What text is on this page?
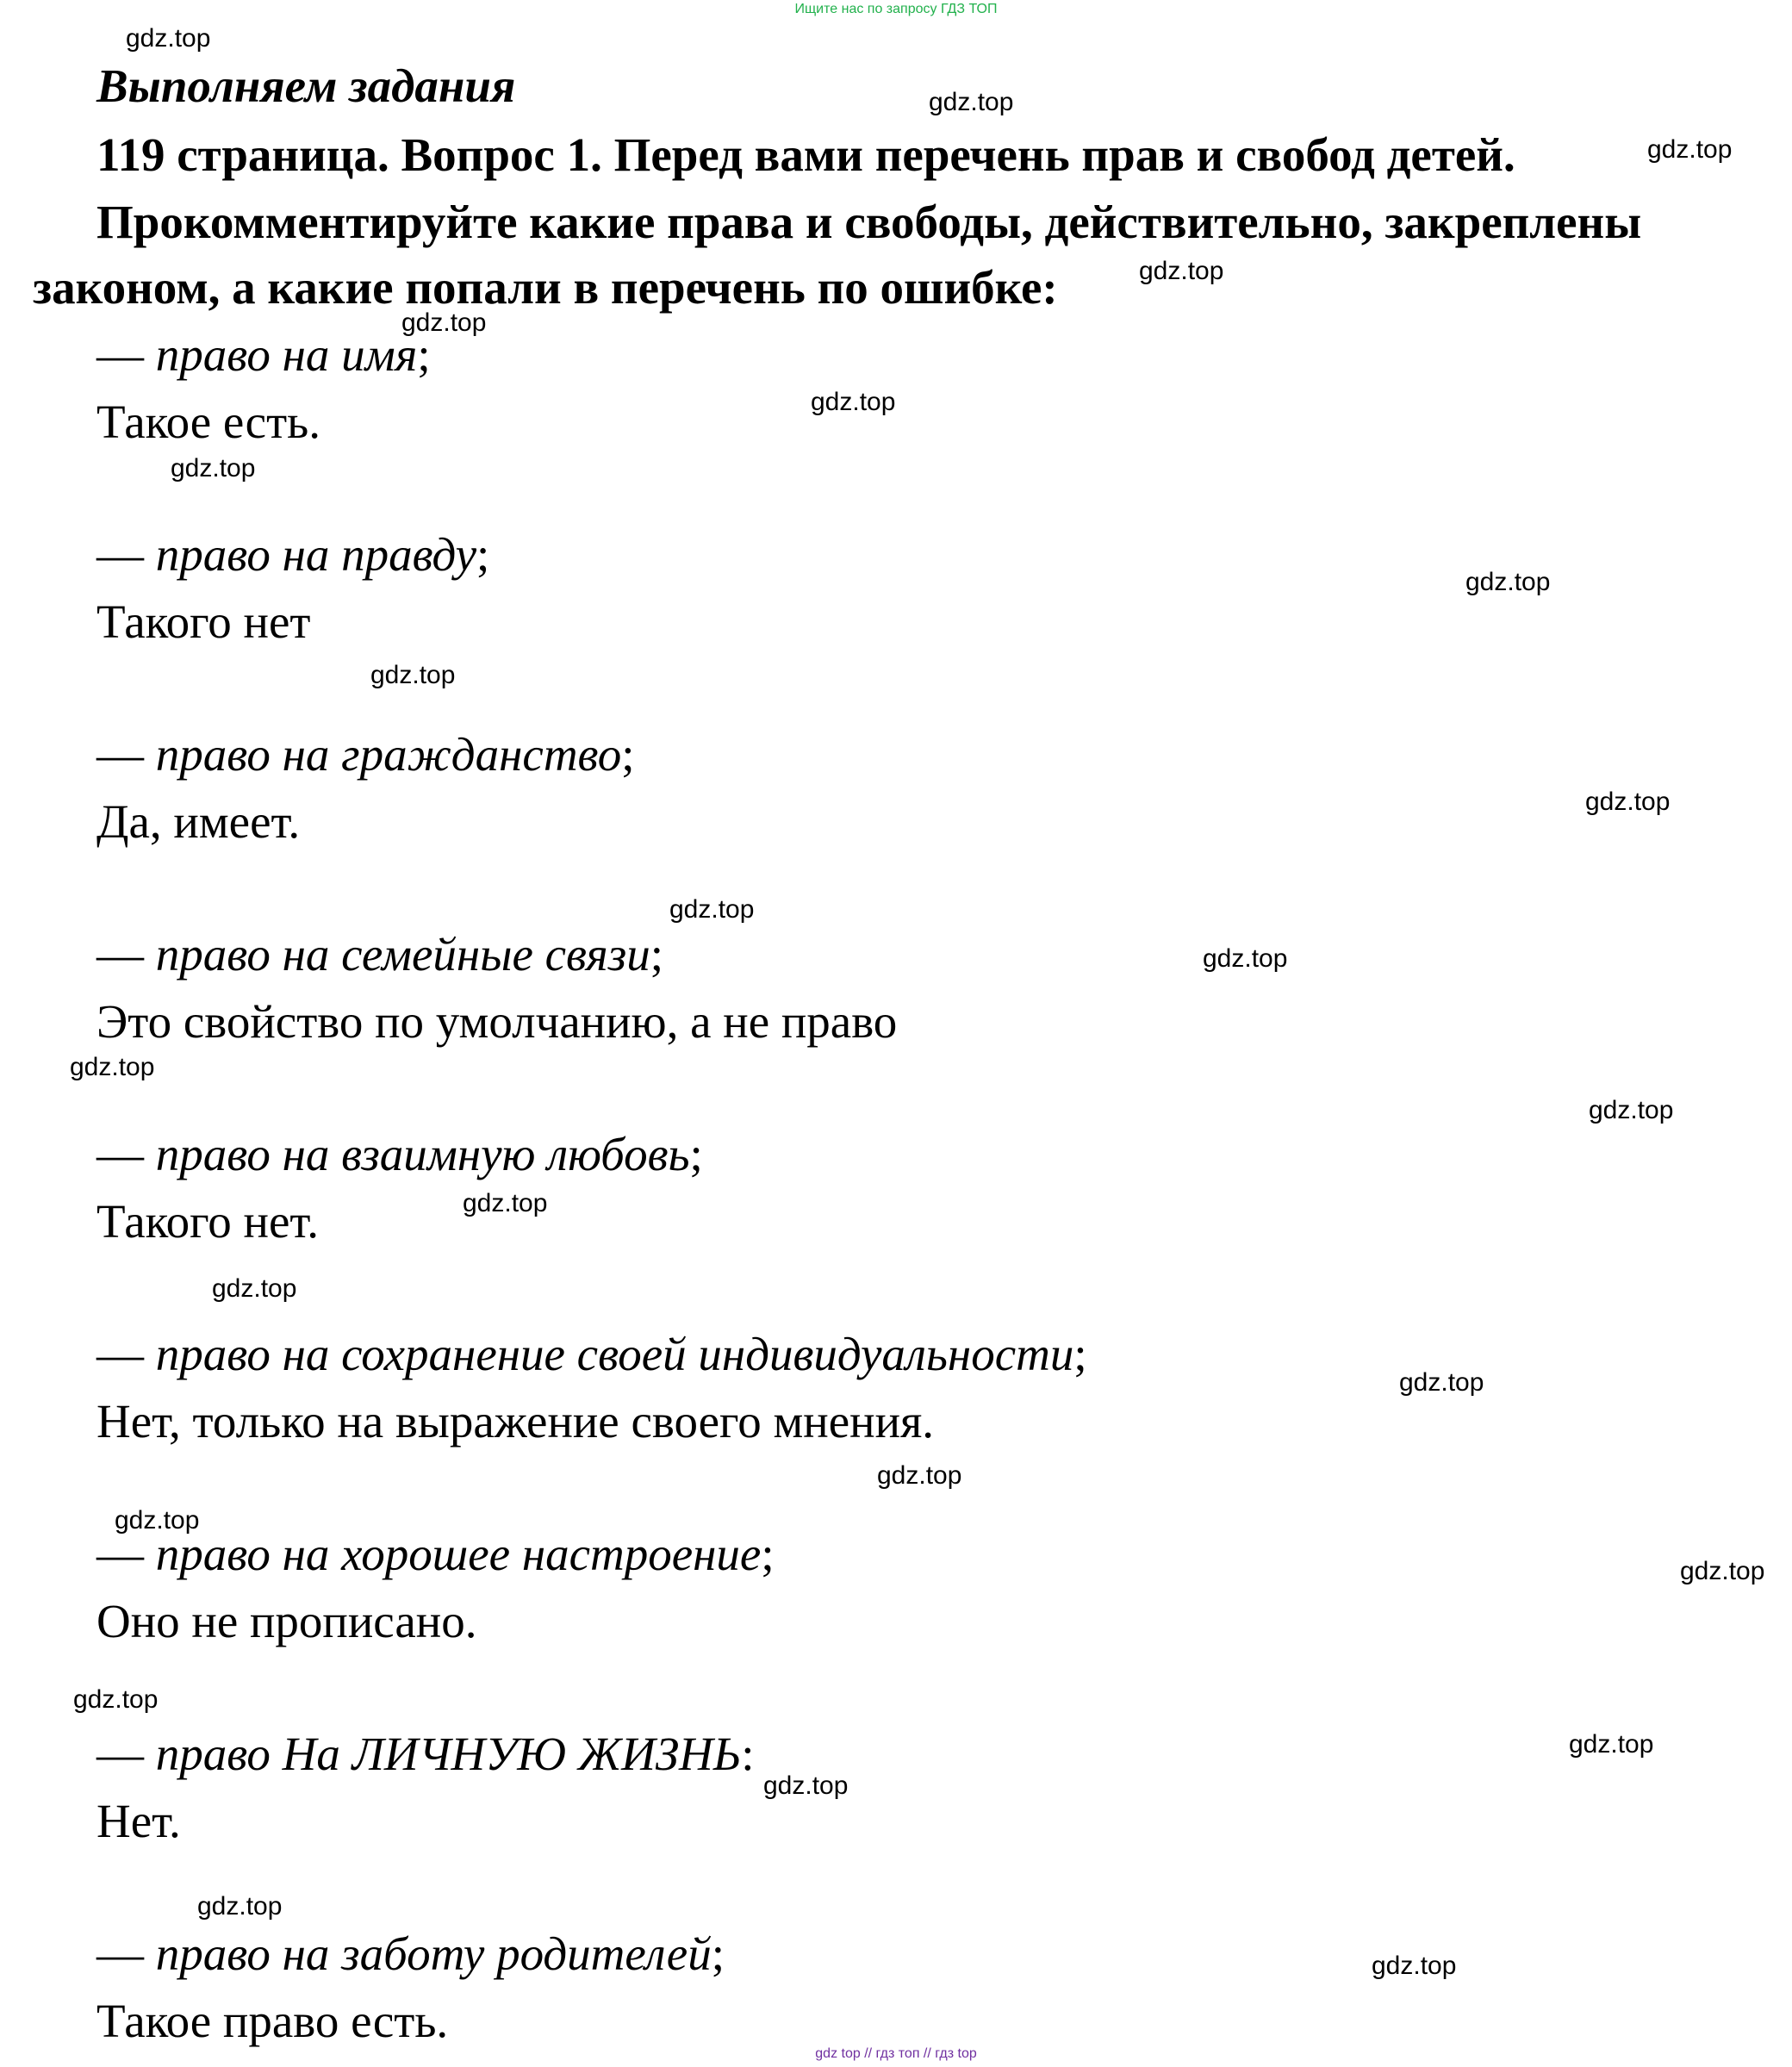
Ищите нас по запросу ГДЗ ТОП
Выполняем задания
119 страница. Вопрос 1. Перед вами перечень прав и свобод детей.
Прокомментируйте какие права и свободы, действительно, закреплены
законом, а какие попали в перечень по ошибке:
— право на имя;
Такое есть.
— право на правду;
Такого нет
— право на гражданство;
Да, имеет.
— право на семейные связи;
Это свойство по умолчанию, а не право
— право на взаимную любовь;
Такого нет.
— право на сохранение своей индивидуальности;
Нет, только на выражение своего мнения.
— право на хорошее настроение;
Оно не прописано.
— право На ЛИЧНУЮ ЖИЗНЬ:
Нет.
— право на заботу родителей;
Такое право есть.
gdz.top
gdz.top
gdz.top
gdz.top
gdz.top
gdz.top
gdz.top
gdz.top
gdz.top
gdz.top
gdz.top
gdz.top
gdz.top
gdz.top
gdz.top
gdz.top
gdz.top
gdz.top
gdz.top
gdz.top
gdz.top
gdz.top
gdz.top
gdz.top
gdz.top
gdz top // гдз топ // гдз top
